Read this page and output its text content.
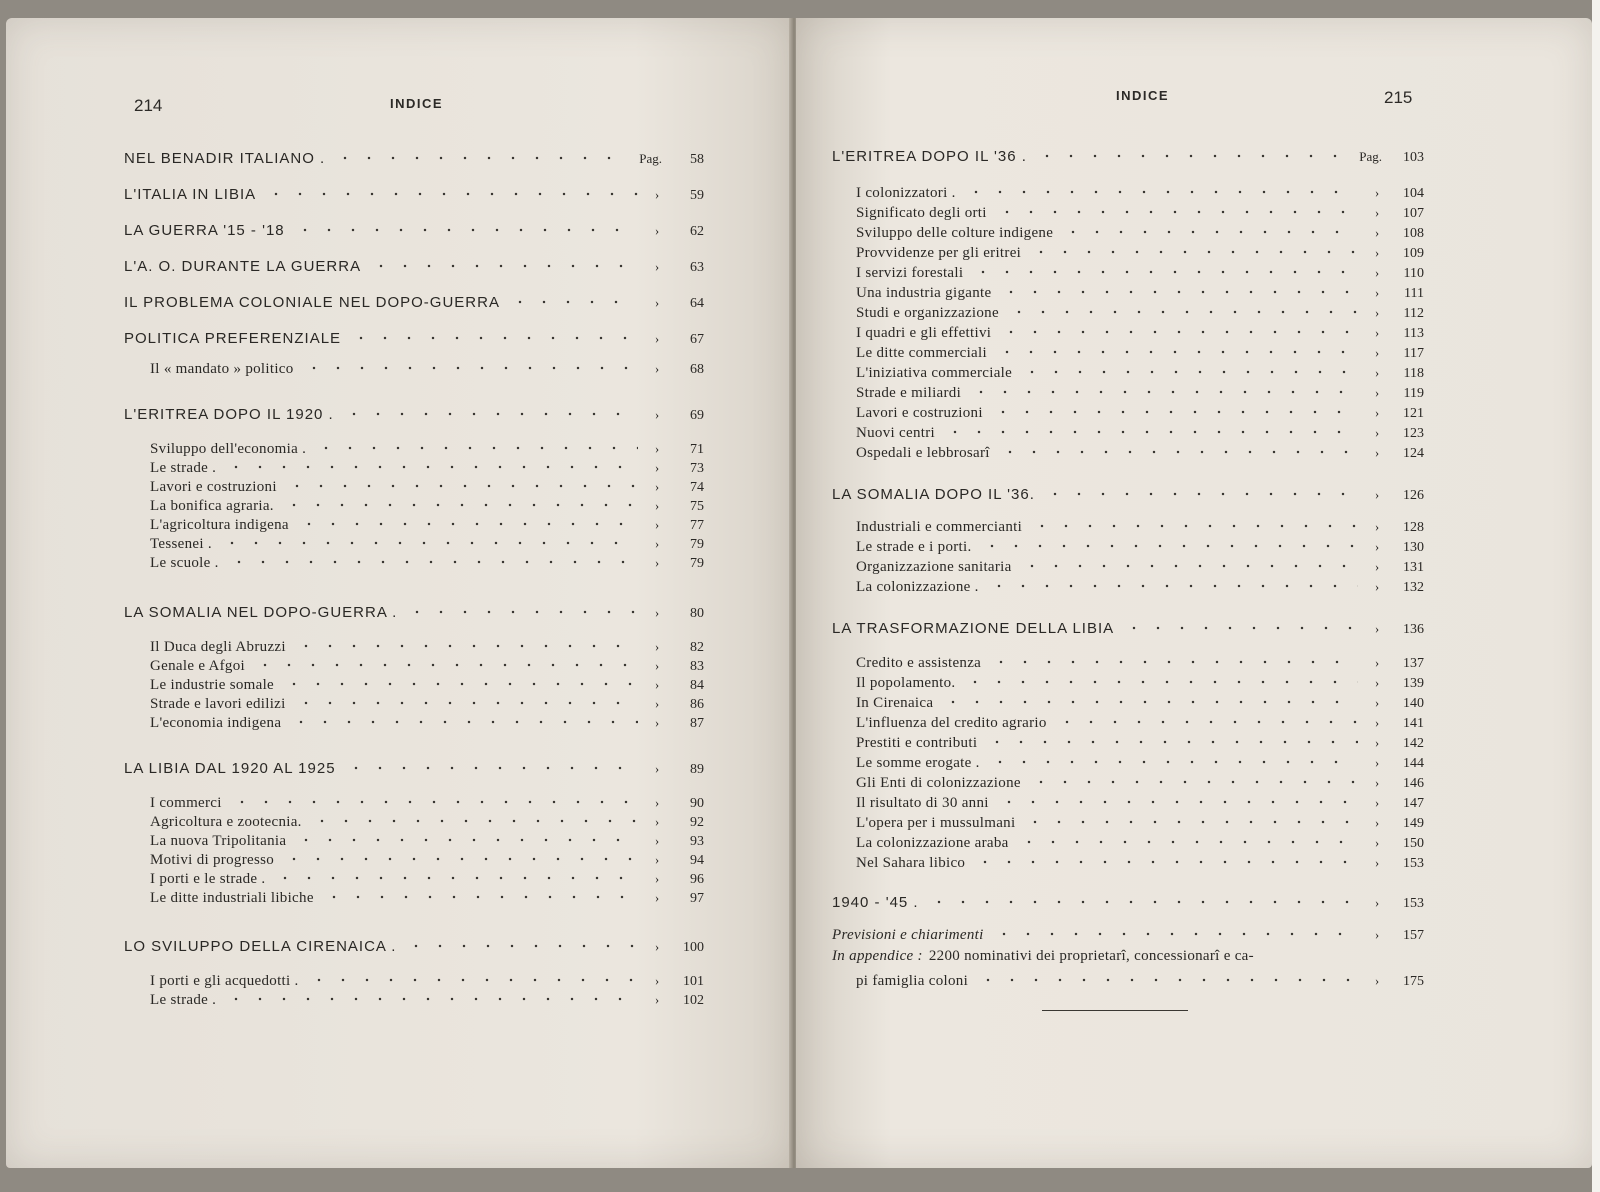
214	INDICE
NEL BENADIR ITALIANO .	Pag.	58
L'ITALIA IN LIBIA	›	59
LA GUERRA '15 - '18	›	62
L'A. O. DURANTE LA GUERRA	›	63
IL PROBLEMA COLONIALE NEL DOPO-GUERRA	›	64
POLITICA PREFERENZIALE	›	67
Il « mandato » politico	›	68
L'ERITREA DOPO IL 1920 .	›	69
Sviluppo dell'economia .	›	71
Le strade .	›	73
Lavori e costruzioni	›	74
La bonifica agraria.	›	75
L'agricoltura indigena	›	77
Tessenei .	›	79
Le scuole .	›	79
LA SOMALIA NEL DOPO-GUERRA .	›	80
Il Duca degli Abruzzi	›	82
Genale e Afgoi	›	83
Le industrie somale	›	84
Strade e lavori edilizi	›	86
L'economia indigena	›	87
LA LIBIA DAL 1920 AL 1925	›	89
I commerci	›	90
Agricoltura e zootecnia.	›	92
La nuova Tripolitania	›	93
Motivi di progresso	›	94
I porti e le strade .	›	96
Le ditte industriali libiche	›	97
LO SVILUPPO DELLA CIRENAICA .	›	100
I porti e gli acquedotti .	›	101
Le strade .	›	102
INDICE	215
L'ERITREA DOPO IL '36 .	Pag.	103
I colonizzatori .	›	104
Significato degli orti	›	107
Sviluppo delle colture indigene	›	108
Provvidenze per gli eritrei	›	109
I servizi forestali	›	110
Una industria gigante	›	111
Studi e organizzazione	›	112
I quadri e gli effettivi	›	113
Le ditte commerciali	›	117
L'iniziativa commerciale	›	118
Strade e miliardi	›	119
Lavori e costruzioni	›	121
Nuovi centri	›	123
Ospedali e lebbrosarî	›	124
LA SOMALIA DOPO IL '36.	›	126
Industriali e commercianti	›	128
Le strade e i porti.	›	130
Organizzazione sanitaria	›	131
La colonizzazione .	›	132
LA TRASFORMAZIONE DELLA LIBIA	›	136
Credito e assistenza	›	137
Il popolamento.	›	139
In Cirenaica	›	140
L'influenza del credito agrario	›	141
Prestiti e contributi	›	142
Le somme erogate .	›	144
Gli Enti di colonizzazione	›	146
Il risultato di 30 anni	›	147
L'opera per i mussulmani	›	149
La colonizzazione araba	›	150
Nel Sahara libico	›	153
1940 - '45 .	›	153
Previsioni e chiarimenti	›	157
In appendice : 2200 nominativi dei proprietarî, concessionarî e ca-
pi famiglia coloni	›	175
